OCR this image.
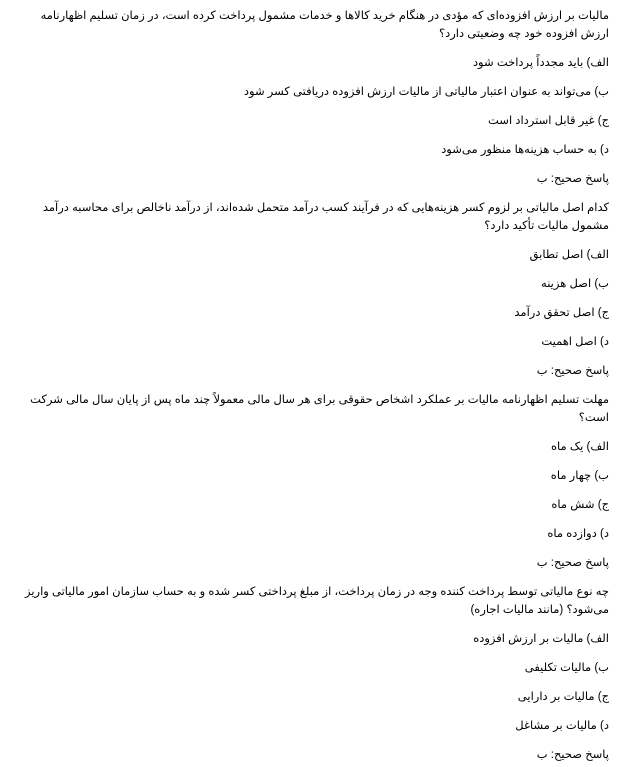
مالیات بر ارزش افزوده‌ای که مؤدی در هنگام خرید کالاها و خدمات مشمول پرداخت کرده است، در زمان تسلیم اظهارنامه ارزش افزوده خود چه وضعیتی دارد؟

الف) باید مجدداً پرداخت شود

ب) می‌تواند به عنوان اعتبار مالیاتی از مالیات ارزش افزوده دریافتی کسر شود

ج) غیر قابل استرداد است

د) به حساب هزینه‌ها منظور می‌شود

پاسخ صحیح: ب

کدام اصل مالیاتی بر لزوم کسر هزینه‌هایی که در فرآیند کسب درآمد متحمل شده‌اند، از درآمد ناخالص برای محاسبه درآمد مشمول مالیات تأکید دارد؟

الف) اصل تطابق

ب) اصل هزینه

ج) اصل تحقق درآمد

د) اصل اهمیت

پاسخ صحیح: ب

مهلت تسلیم اظهارنامه مالیات بر عملکرد اشخاص حقوقی برای هر سال مالی معمولاً چند ماه پس از پایان سال مالی شرکت است؟

الف) یک ماه

ب) چهار ماه

ج) شش ماه

د) دوازده ماه

پاسخ صحیح: ب

چه نوع مالیاتی توسط پرداخت کننده وجه در زمان پرداخت، از مبلغ پرداختی کسر شده و به حساب سازمان امور مالیاتی واریز می‌شود؟ (مانند مالیات اجاره)

الف) مالیات بر ارزش افزوده

ب) مالیات تکلیفی

ج) مالیات بر دارایی

د) مالیات بر مشاغل

پاسخ صحیح: ب
